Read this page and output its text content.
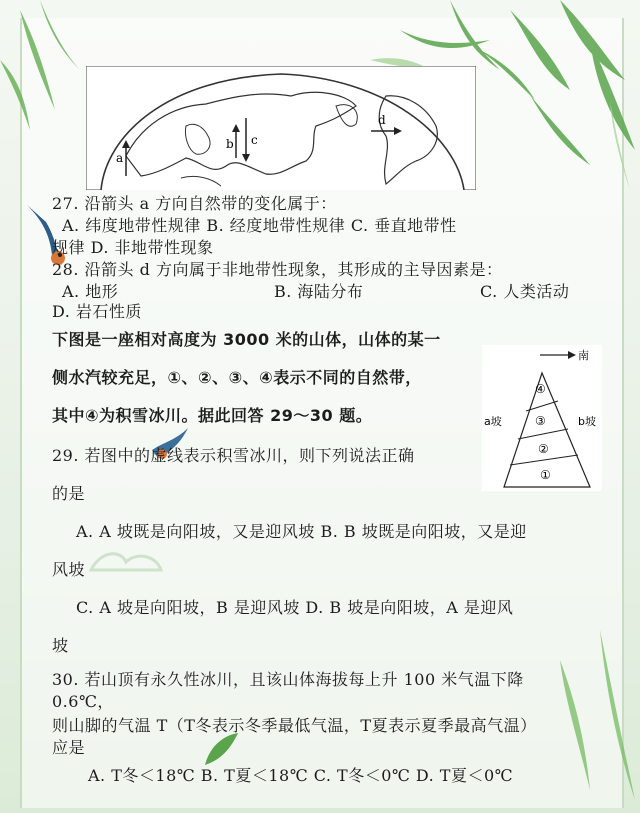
a
b c
d
27. 沿箭头 a 方向自然带的变化属于：
A. 纬度地带性规律 B. 经度地带性规律 C. 垂直地带性
规律 D. 非地带性现象
28. 沿箭头 d 方向属于非地带性现象，其形成的主导因素是：
A. 地形	B. 海陆分布	C. 人类活动
D. 岩石性质
下图是一座相对高度为 3000 米的山体，山体的某一
侧水汽较充足，①、②、③、④表示不同的自然带，
其中④为积雪冰川。据此回答 29～30 题。
南
④
③
②
①
a坡	b坡
29. 若图中的虚线表示积雪冰川，则下列说法正确
的是
A. A 坡既是向阳坡，又是迎风坡 B. B 坡既是向阳坡，又是迎
风坡
C. A 坡是向阳坡，B 是迎风坡 D. B 坡是向阳坡，A 是迎风
坡
30. 若山顶有永久性冰川，且该山体海拔每上升 100 米气温下降
0.6℃，
则山脚的气温 T（T冬表示冬季最低气温，T夏表示夏季最高气温）
应是
A. T冬＜18℃ B. T夏＜18℃ C. T冬＜0℃ D. T夏＜0℃
